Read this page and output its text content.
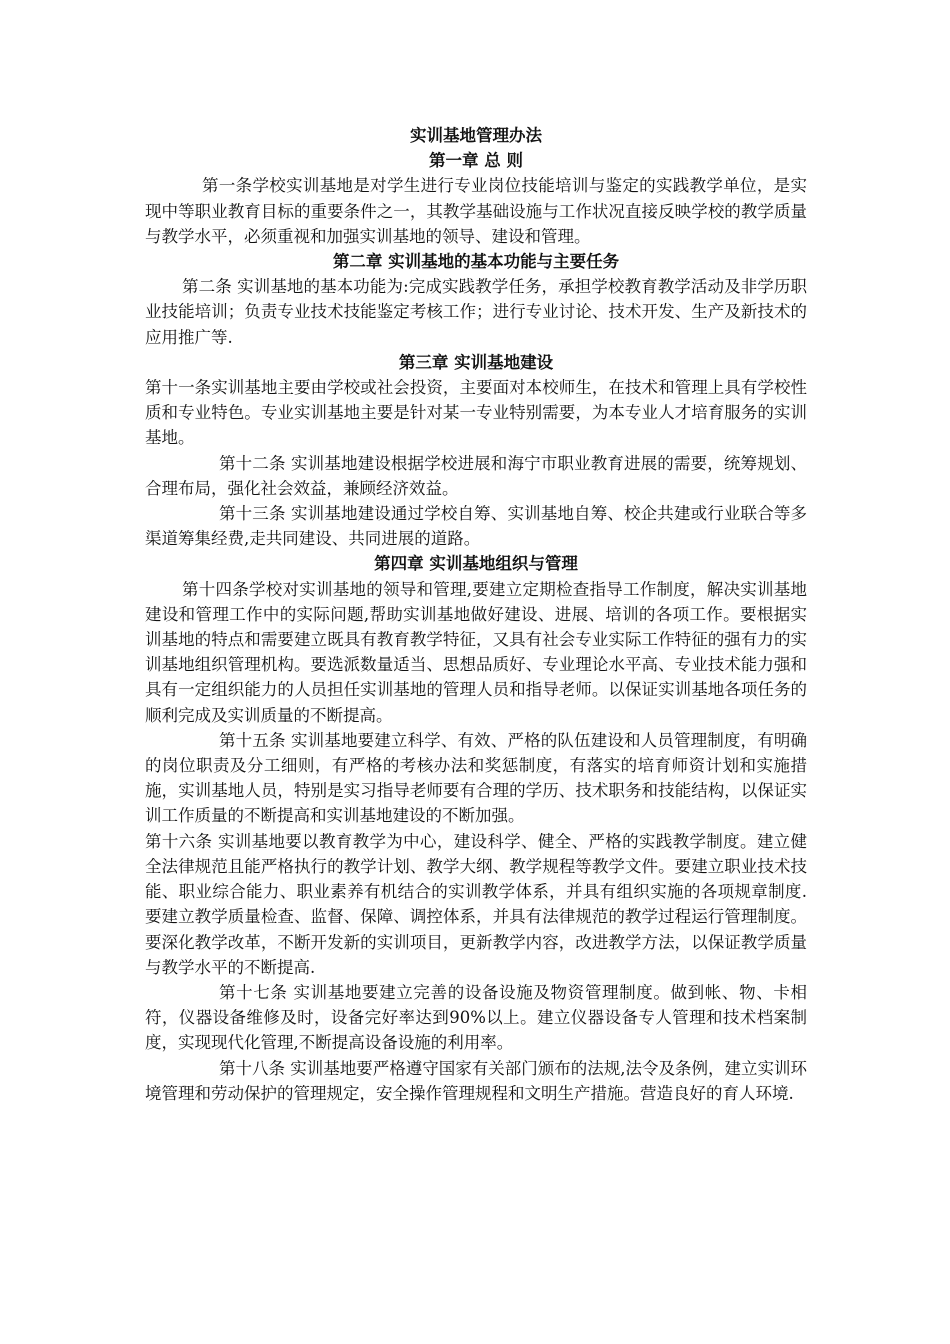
实训基地管理办法
第一章 总 则

第一条学校实训基地是对学生进行专业岗位技能培训与鉴定的实践教学单位，是实现中等职业教育目标的重要条件之一，其教学基础设施与工作状况直接反映学校的教学质量与教学水平，必须重视和加强实训基地的领导、建设和管理。

第二章 实训基地的基本功能与主要任务

第二条 实训基地的基本功能为:完成实践教学任务，承担学校教育教学活动及非学历职业技能培训；负责专业技术技能鉴定考核工作；进行专业讨论、技术开发、生产及新技术的应用推广等.

第三章 实训基地建设

第十一条实训基地主要由学校或社会投资，主要面对本校师生，在技术和管理上具有学校性质和专业特色。专业实训基地主要是针对某一专业特别需要，为本专业人才培育服务的实训基地。

第十二条 实训基地建设根据学校进展和海宁市职业教育进展的需要，统筹规划、合理布局，强化社会效益，兼顾经济效益。

第十三条 实训基地建设通过学校自筹、实训基地自筹、校企共建或行业联合等多渠道筹集经费,走共同建设、共同进展的道路。

第四章 实训基地组织与管理

第十四条学校对实训基地的领导和管理,要建立定期检查指导工作制度，解决实训基地建设和管理工作中的实际问题,帮助实训基地做好建设、进展、培训的各项工作。要根据实训基地的特点和需要建立既具有教育教学特征，又具有社会专业实际工作特征的强有力的实训基地组织管理机构。要选派数量适当、思想品质好、专业理论水平高、专业技术能力强和具有一定组织能力的人员担任实训基地的管理人员和指导老师。以保证实训基地各项任务的顺利完成及实训质量的不断提高。

第十五条 实训基地要建立科学、有效、严格的队伍建设和人员管理制度，有明确的岗位职责及分工细则，有严格的考核办法和奖惩制度，有落实的培育师资计划和实施措施，实训基地人员，特别是实习指导老师要有合理的学历、技术职务和技能结构，以保证实训工作质量的不断提高和实训基地建设的不断加强。

第十六条 实训基地要以教育教学为中心，建设科学、健全、严格的实践教学制度。建立健全法律规范且能严格执行的教学计划、教学大纲、教学规程等教学文件。要建立职业技术技能、职业综合能力、职业素养有机结合的实训教学体系，并具有组织实施的各项规章制度.要建立教学质量检查、监督、保障、调控体系，并具有法律规范的教学过程运行管理制度。要深化教学改革，不断开发新的实训项目，更新教学内容，改进教学方法，以保证教学质量与教学水平的不断提高.

第十七条 实训基地要建立完善的设备设施及物资管理制度。做到帐、物、卡相符，仪器设备维修及时，设备完好率达到90%以上。建立仪器设备专人管理和技术档案制度，实现现代化管理,不断提高设备设施的利用率。

第十八条 实训基地要严格遵守国家有关部门颁布的法规,法令及条例，建立实训环境管理和劳动保护的管理规定，安全操作管理规程和文明生产措施。营造良好的育人环境.
